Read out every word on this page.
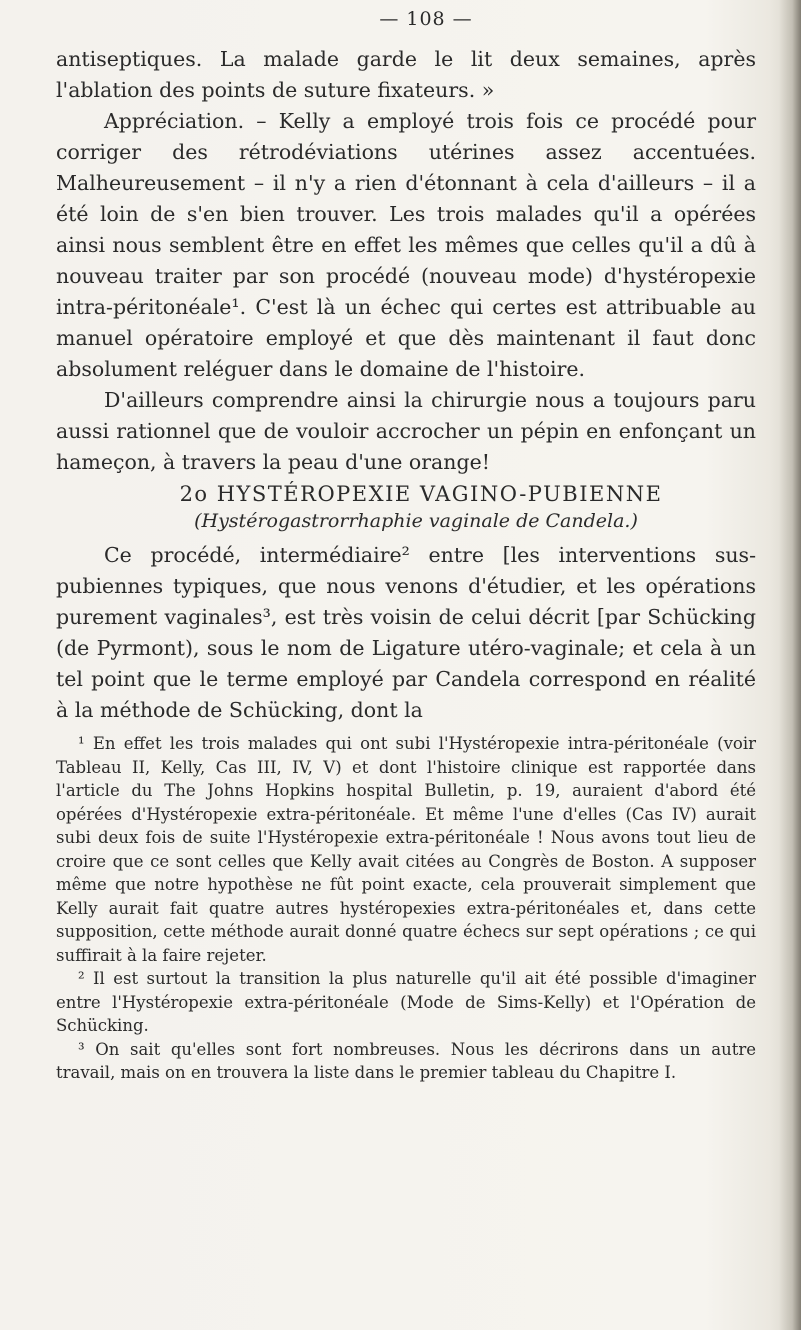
— 108 —

antiseptiques. La malade garde le lit deux semaines, après l'ablation des points de suture fixateurs. »

Appréciation. – Kelly a employé trois fois ce procédé pour corriger des rétrodéviations utérines assez accentuées. Malheureusement – il n'y a rien d'étonnant à cela d'ailleurs – il a été loin de s'en bien trouver. Les trois malades qu'il a opérées ainsi nous semblent être en effet les mêmes que celles qu'il a dû à nouveau traiter par son procédé (nouveau mode) d'hystéropexie intra-péritonéale¹. C'est là un échec qui certes est attribuable au manuel opératoire employé et que dès maintenant il faut donc absolument reléguer dans le domaine de l'histoire.

D'ailleurs comprendre ainsi la chirurgie nous a toujours paru aussi rationnel que de vouloir accrocher un pépin en enfonçant un hameçon, à travers la peau d'une orange!

2o HYSTÉROPEXIE VAGINO-PUBIENNE
(Hystérogastrorrhaphie vaginale de Candela.)

Ce procédé, intermédiaire² entre [les interventions sus-pubiennes typiques, que nous venons d'étudier, et les opérations purement vaginales³, est très voisin de celui décrit [par Schücking (de Pyrmont), sous le nom de Ligature utéro-vaginale; et cela à un tel point que le terme employé par Candela correspond en réalité à la méthode de Schücking, dont la

¹ En effet les trois malades qui ont subi l'Hystéropexie intra-péritonéale (voir Tableau II, Kelly, Cas III, IV, V) et dont l'histoire clinique est rapportée dans l'article du The Johns Hopkins hospital Bulletin, p. 19, auraient d'abord été opérées d'Hystéropexie extra-péritonéale. Et même l'une d'elles (Cas IV) aurait subi deux fois de suite l'Hystéropexie extra-péritonéale ! Nous avons tout lieu de croire que ce sont celles que Kelly avait citées au Congrès de Boston. A supposer même que notre hypothèse ne fût point exacte, cela prouverait simplement que Kelly aurait fait quatre autres hystéropexies extra-péritonéales et, dans cette supposition, cette méthode aurait donné quatre échecs sur sept opérations ; ce qui suffirait à la faire rejeter.

² Il est surtout la transition la plus naturelle qu'il ait été possible d'imaginer entre l'Hystéropexie extra-péritonéale (Mode de Sims-Kelly) et l'Opération de Schücking.

³ On sait qu'elles sont fort nombreuses. Nous les décrirons dans un autre travail, mais on en trouvera la liste dans le premier tableau du Chapitre I.
